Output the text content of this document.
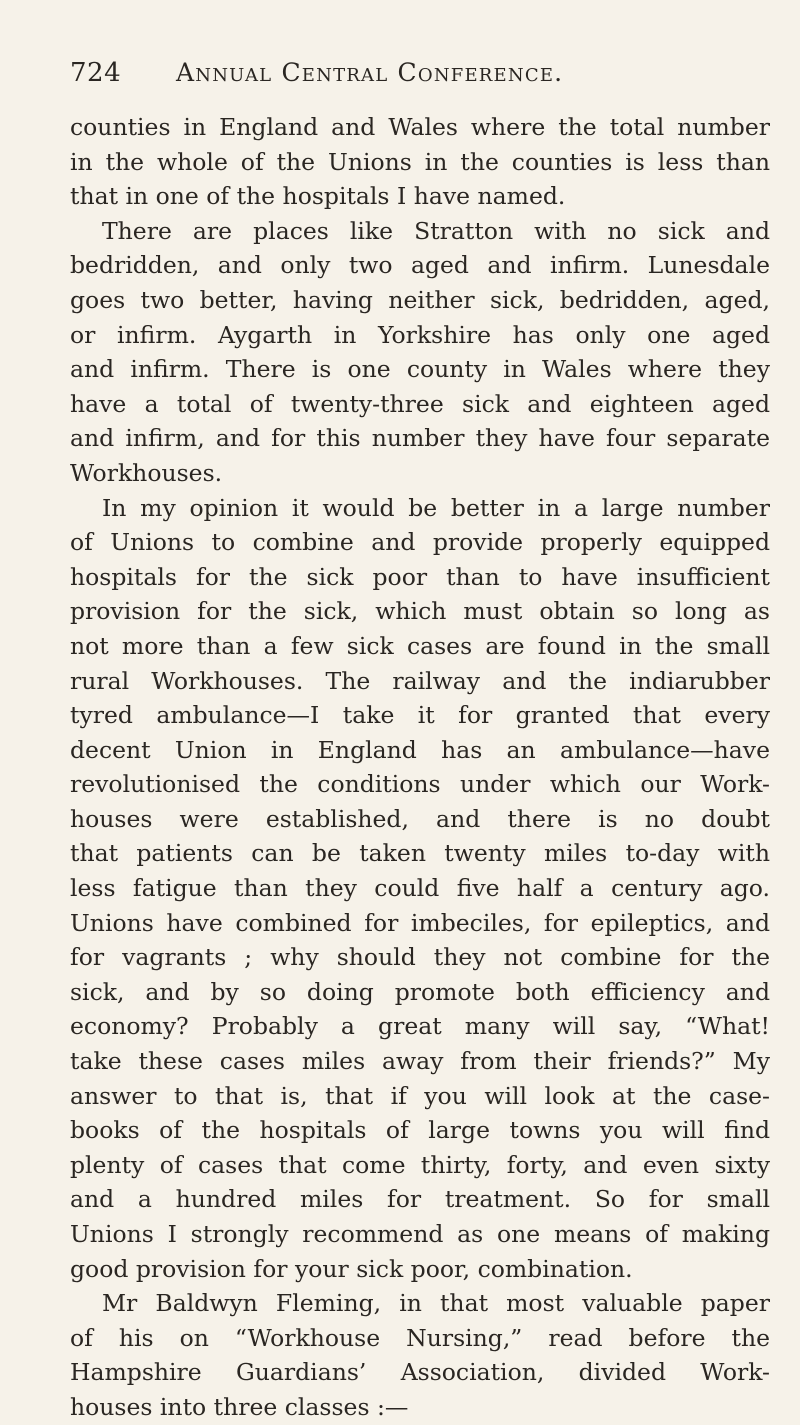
724 Annual Central Conference.
counties in England and Wales where the total number
in the whole of the Unions in the counties is less than
that in one of the hospitals I have named.
There are places like Stratton with no sick and
bedridden, and only two aged and infirm. Lunesdale
goes two better, having neither sick, bedridden, aged,
or infirm. Aygarth in Yorkshire has only one aged
and infirm. There is one county in Wales where they
have a total of twenty-three sick and eighteen aged
and infirm, and for this number they have four separate
Workhouses.
In my opinion it would be better in a large number
of Unions to combine and provide properly equipped
hospitals for the sick poor than to have insufficient
provision for the sick, which must obtain so long as
not more than a few sick cases are found in the small
rural Workhouses. The railway and the indiarubber
tyred ambulance—I take it for granted that every
decent Union in England has an ambulance—have
revolutionised the conditions under which our Work-
houses were established, and there is no doubt
that patients can be taken twenty miles to-day with
less fatigue than they could five half a century ago.
Unions have combined for imbeciles, for epileptics, and
for vagrants ; why should they not combine for the
sick, and by so doing promote both efficiency and
economy? Probably a great many will say, “What!
take these cases miles away from their friends?” My
answer to that is, that if you will look at the case-
books of the hospitals of large towns you will find
plenty of cases that come thirty, forty, and even sixty
and a hundred miles for treatment. So for small
Unions I strongly recommend as one means of making
good provision for your sick poor, combination.
Mr Baldwyn Fleming, in that most valuable paper
of his on “Workhouse Nursing,” read before the
Hampshire Guardians’ Association, divided Work-
houses into three classes :—
